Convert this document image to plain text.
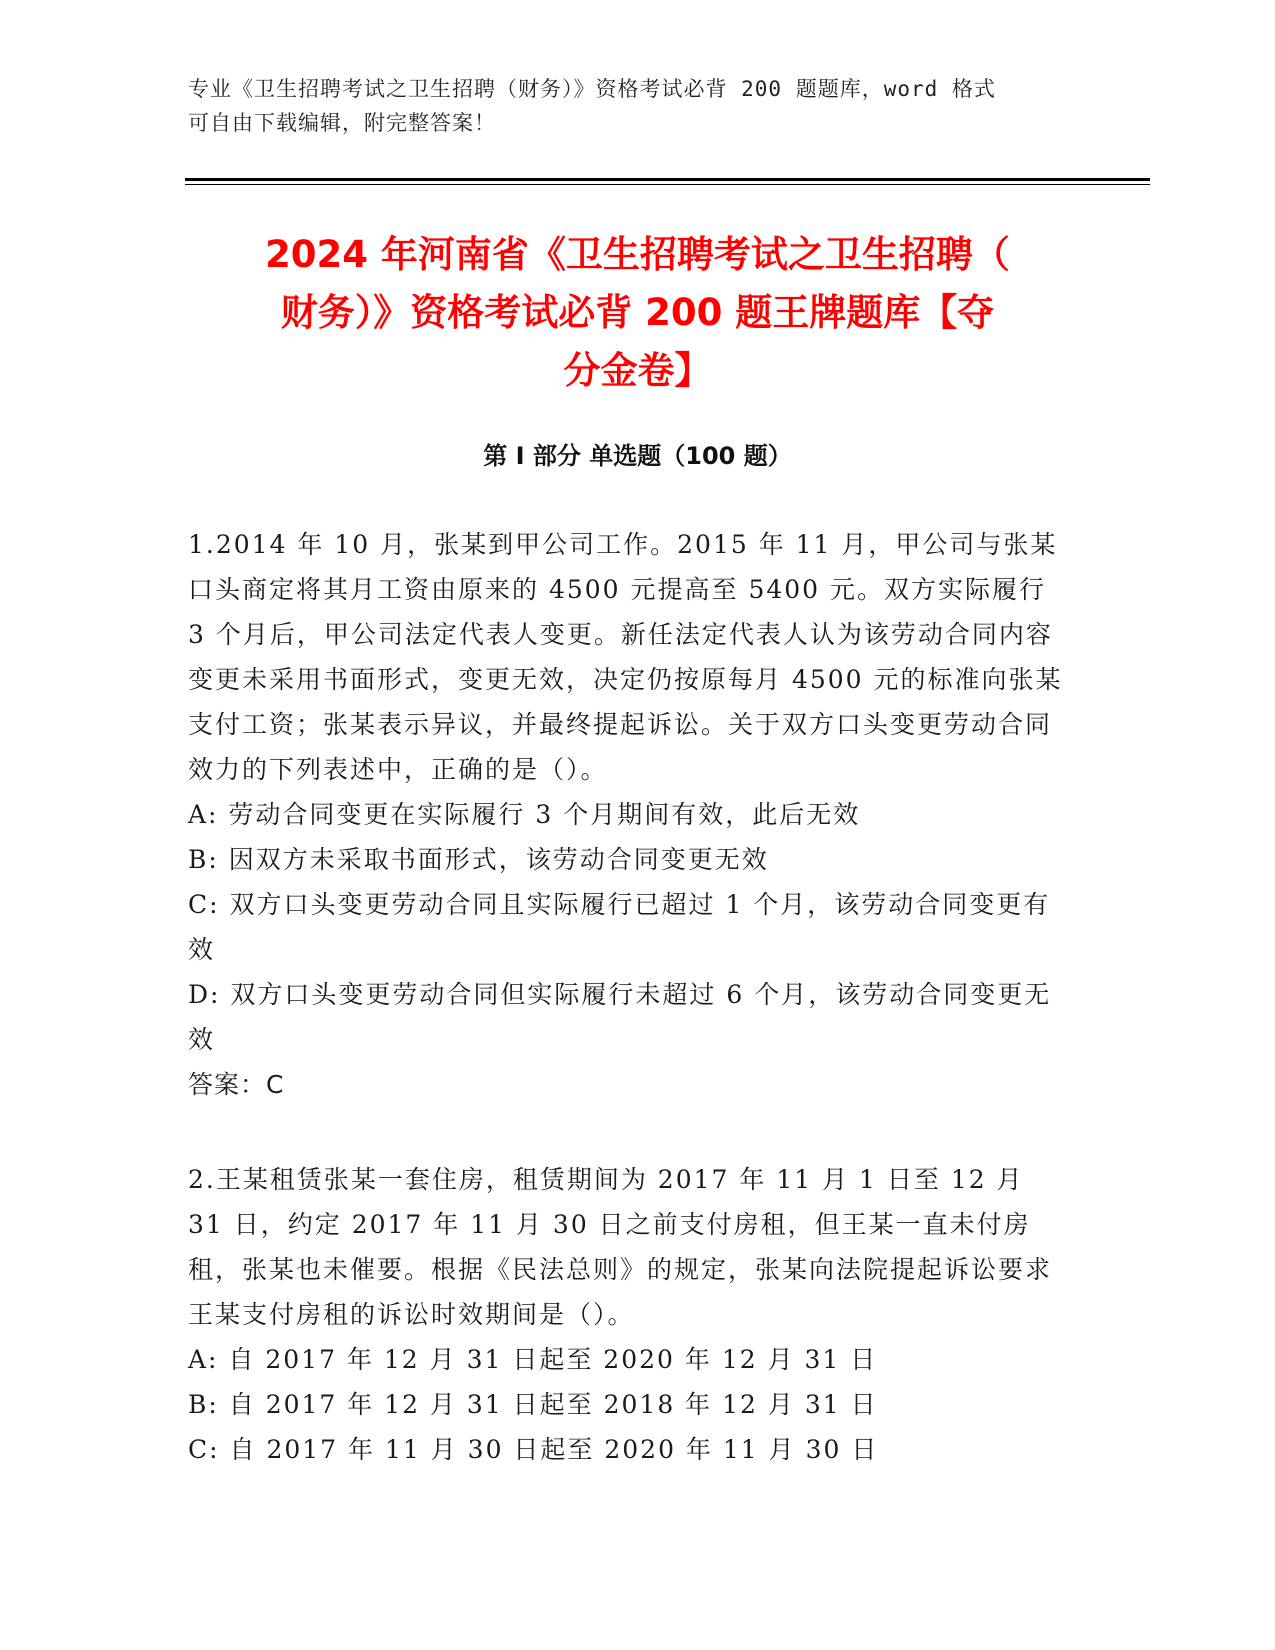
专业《卫生招聘考试之卫生招聘（财务）》资格考试必背 200 题题库，word 格式
可自由下载编辑，附完整答案！
2024 年河南省《卫生招聘考试之卫生招聘（
财务）》资格考试必背 200 题王牌题库【夺
分金卷】
第 I 部分 单选题（100 题）

1.2014 年 10 月，张某到甲公司工作。2015 年 11 月，甲公司与张某口头商定将其月工资由原来的 4500 元提高至 5400 元。双方实际履行 3 个月后，甲公司法定代表人变更。新任法定代表人认为该劳动合同内容变更未采用书面形式，变更无效，决定仍按原每月 4500 元的标准向张某支付工资；张某表示异议，并最终提起诉讼。关于双方口头变更劳动合同效力的下列表述中，正确的是（）。

A: 劳动合同变更在实际履行 3 个月期间有效，此后无效

B: 因双方未采取书面形式，该劳动合同变更无效

C: 双方口头变更劳动合同且实际履行已超过 1 个月，该劳动合同变更有效

D: 双方口头变更劳动合同但实际履行未超过 6 个月，该劳动合同变更无效

答案：C

2.王某租赁张某一套住房，租赁期间为 2017 年 11 月 1 日至 12 月 31 日，约定 2017 年 11 月 30 日之前支付房租，但王某一直未付房租，张某也未催要。根据《民法总则》的规定，张某向法院提起诉讼要求王某支付房租的诉讼时效期间是（）。

A: 自 2017 年 12 月 31 日起至 2020 年 12 月 31 日

B: 自 2017 年 12 月 31 日起至 2018 年 12 月 31 日

C: 自 2017 年 11 月 30 日起至 2020 年 11 月 30 日
